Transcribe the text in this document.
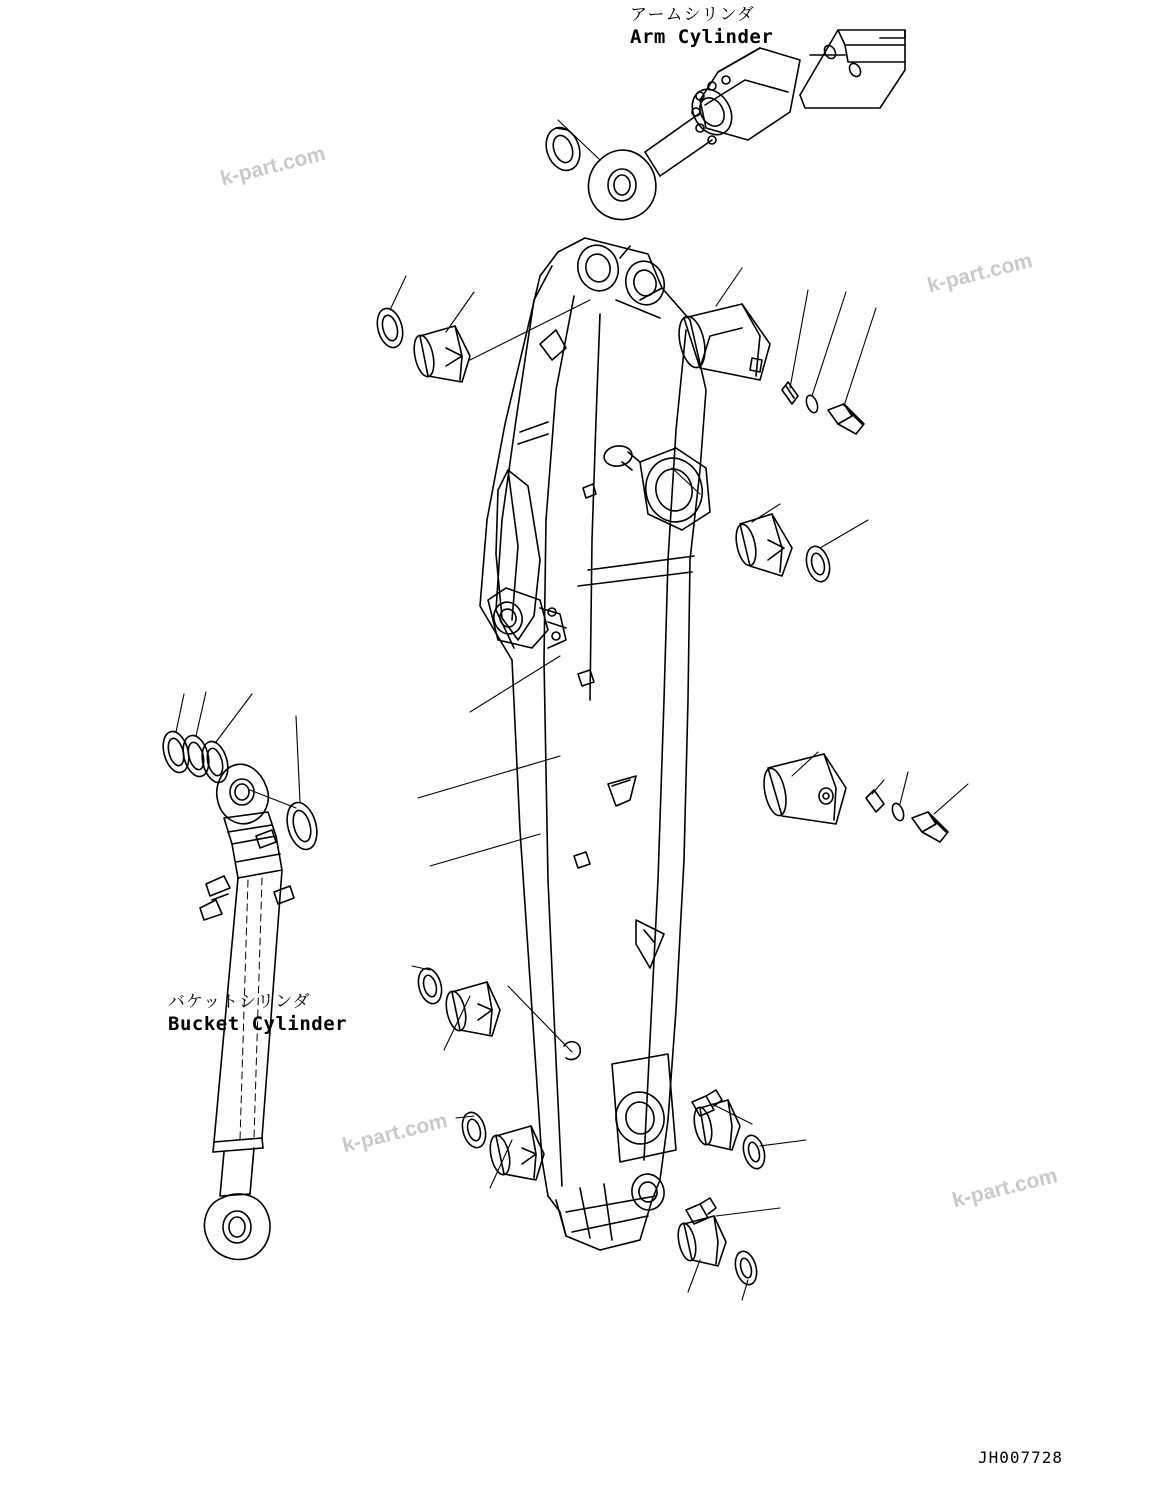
アームシリンダ
Arm Cylinder
バケットシリンダ
Bucket Cylinder
k-part.com
k-part.com
k-part.com
k-part.com
JH007728
